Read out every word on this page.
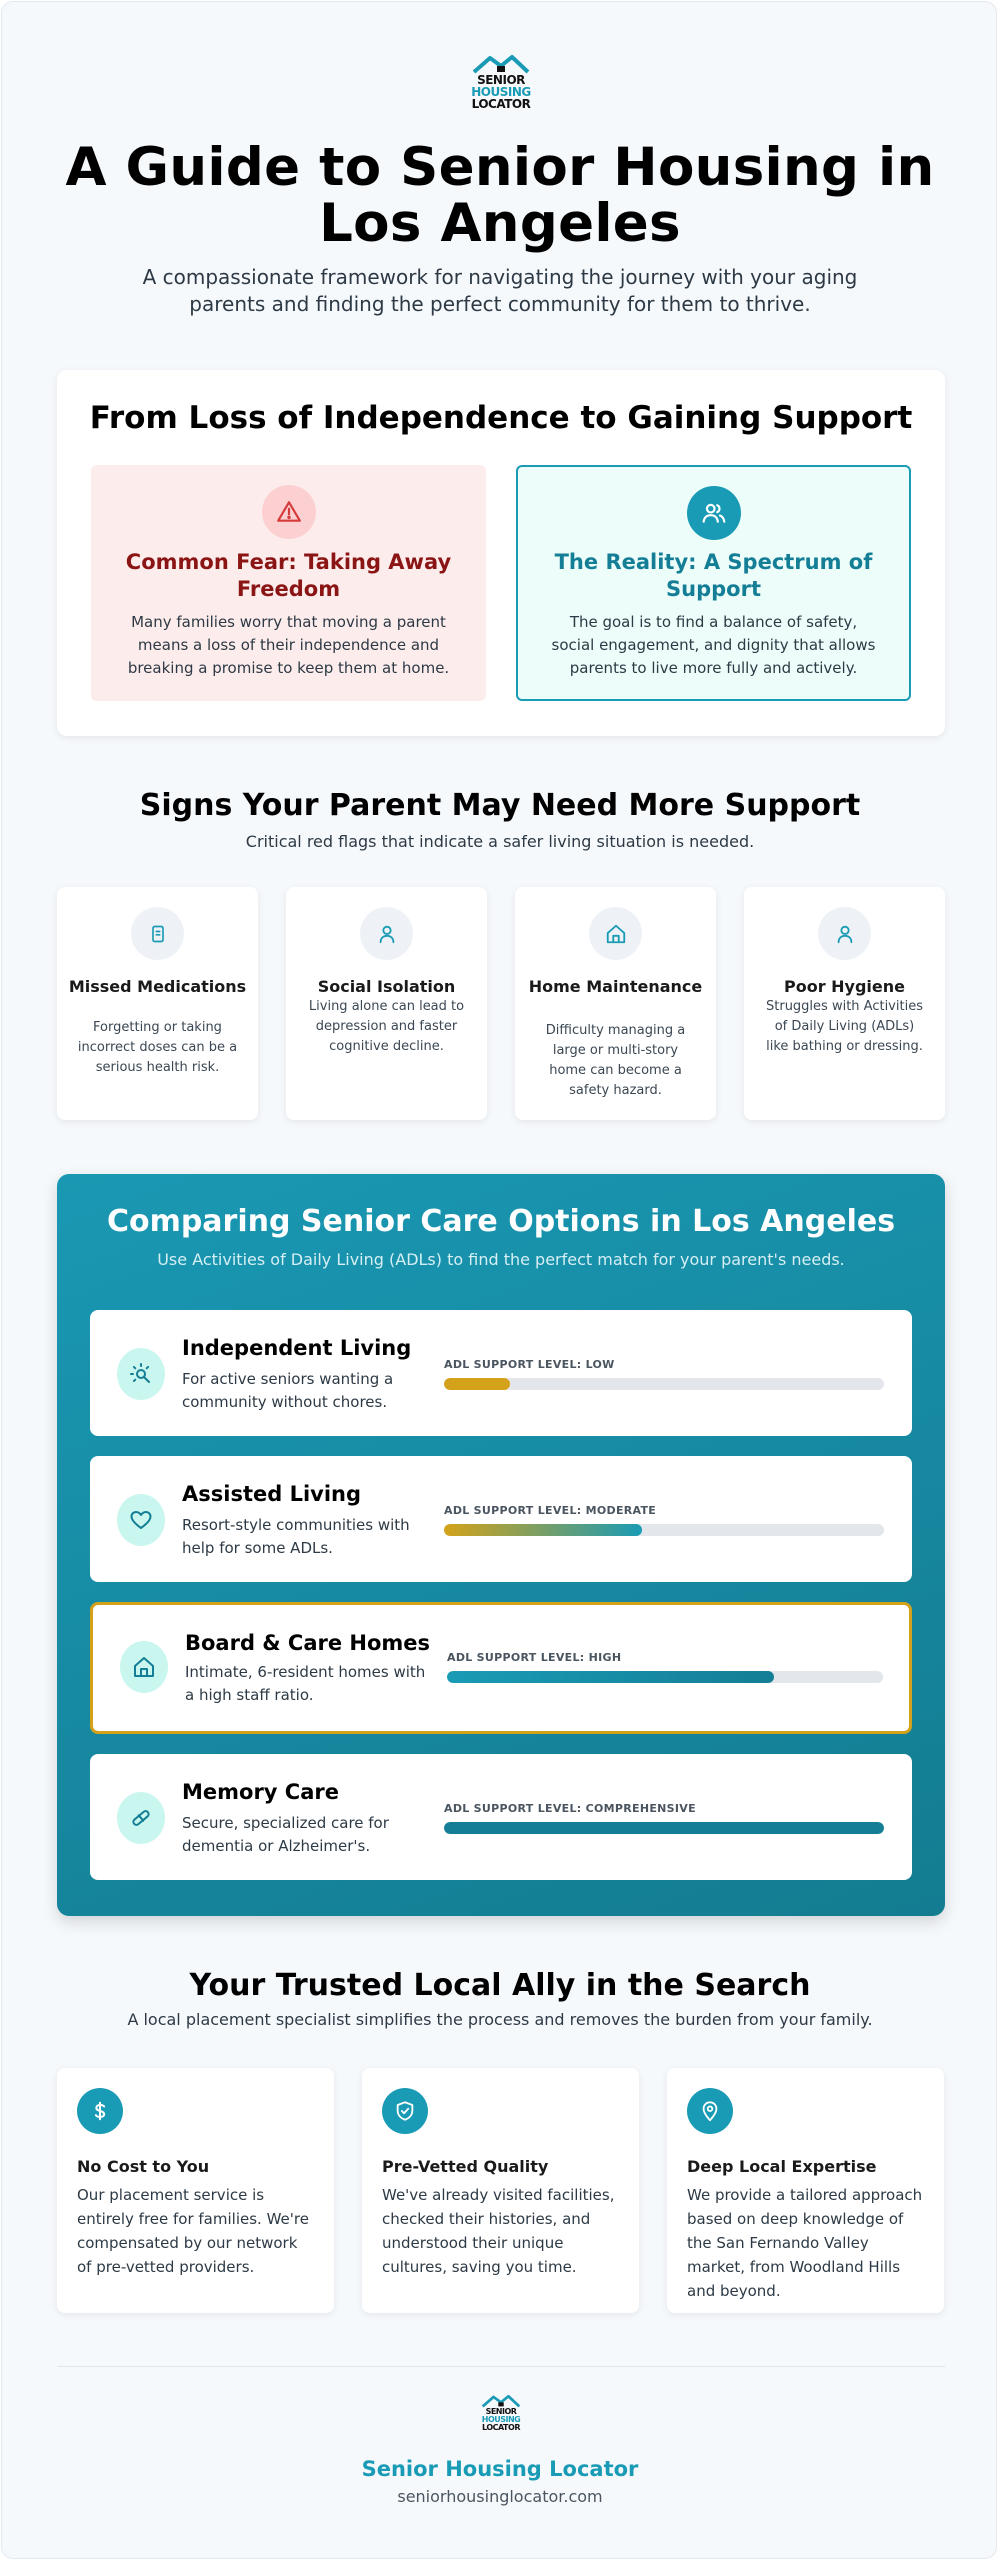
SENIOR
HOUSING
LOCATOR
A Guide to Senior Housing in Los Angeles

A compassionate framework for navigating the journey with your aging parents and finding the perfect community for them to thrive.

From Loss of Independence to Gaining Support
Common Fear: Taking Away Freedom
Many families worry that moving a parent means a loss of their independence and breaking a promise to keep them at home.
The Reality: A Spectrum of Support
The goal is to find a balance of safety, social engagement, and dignity that allows parents to live more fully and actively.
Signs Your Parent May Need More Support

Critical red flags that indicate a safer living situation is needed.

Missed Medications
Forgetting or taking incorrect doses can be a serious health risk.
Social Isolation
Living alone can lead to depression and faster cognitive decline.
Home Maintenance
Difficulty managing a large or multi-story home can become a safety hazard.
Poor Hygiene
Struggles with Activities of Daily Living (ADLs) like bathing or dressing.
Comparing Senior Care Options in Los Angeles

Use Activities of Daily Living (ADLs) to find the perfect match for your parent's needs.

Independent Living
For active seniors wanting a community without chores.
ADL SUPPORT LEVEL: LOW
Assisted Living
Resort-style communities with help for some ADLs.
ADL SUPPORT LEVEL: MODERATE
Board & Care Homes
Intimate, 6-resident homes with a high staff ratio.
ADL SUPPORT LEVEL: HIGH
Memory Care
Secure, specialized care for dementia or Alzheimer's.
ADL SUPPORT LEVEL: COMPREHENSIVE
Your Trusted Local Ally in the Search

A local placement specialist simplifies the process and removes the burden from your family.

No Cost to You
Our placement service is entirely free for families. We're compensated by our network of pre-vetted providers.
Pre-Vetted Quality
We've already visited facilities, checked their histories, and understood their unique cultures, saving you time.
Deep Local Expertise
We provide a tailored approach based on deep knowledge of the San Fernando Valley market, from Woodland Hills and beyond.
SENIOR
HOUSING
LOCATOR
Senior Housing Locator
seniorhousinglocator.com
